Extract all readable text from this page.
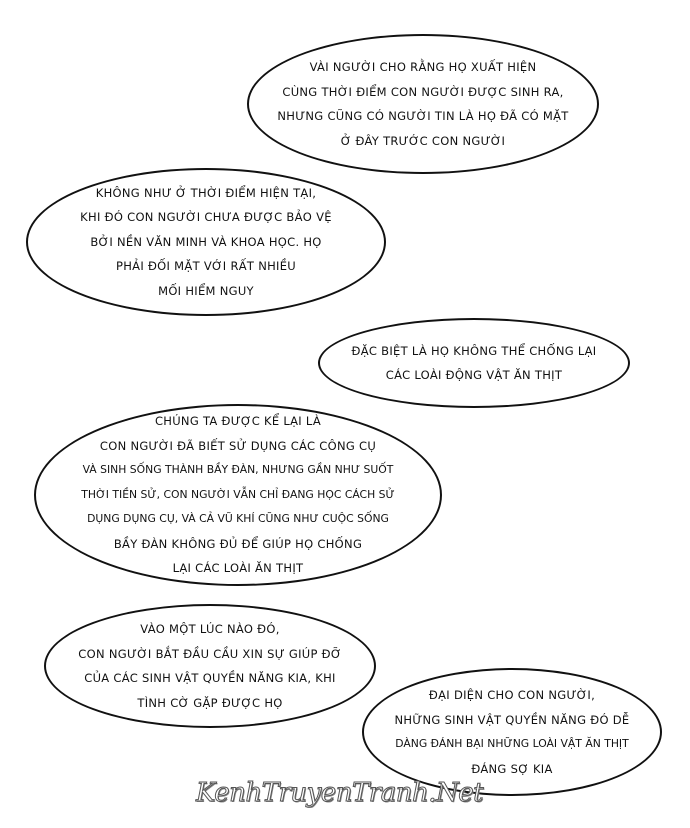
VÀI NGƯỜI CHO RẰNG HỌ XUẤT HIỆN
CÙNG THỜI ĐIỂM CON NGƯỜI ĐƯỢC SINH RA,
NHƯNG CŨNG CÓ NGƯỜI TIN LÀ HỌ ĐÃ CÓ MẶT
Ở ĐÂY TRƯỚC CON NGƯỜI
KHÔNG NHƯ Ở THỜI ĐIỂM HIỆN TẠI,
KHI ĐÓ CON NGƯỜI CHƯA ĐƯỢC BẢO VỆ
BỞI NỀN VĂN MINH VÀ KHOA HỌC. HỌ
PHẢI ĐỐI MẶT VỚI RẤT NHIỀU
MỐI HIỂM NGUY
ĐẶC BIỆT LÀ HỌ KHÔNG THỂ CHỐNG LẠI
CÁC LOÀI ĐỘNG VẬT ĂN THỊT
CHÚNG TA ĐƯỢC KỂ LẠI LÀ
CON NGƯỜI ĐÃ BIẾT SỬ DỤNG CÁC CÔNG CỤ
VÀ SINH SỐNG THÀNH BẦY ĐÀN, NHƯNG GẦN NHƯ SUỐT
THỜI TIỀN SỬ, CON NGƯỜI VẪN CHỈ ĐANG HỌC CÁCH SỬ
DỤNG DỤNG CỤ, VÀ CẢ VŨ KHÍ CŨNG NHƯ CUỘC SỐNG
BẦY ĐÀN KHÔNG ĐỦ ĐỂ GIÚP HỌ CHỐNG
LẠI CÁC LOÀI ĂN THỊT
VÀO MỘT LÚC NÀO ĐÓ,
CON NGƯỜI BẮT ĐẦU CẦU XIN SỰ GIÚP ĐỠ
CỦA CÁC SINH VẬT QUYỀN NĂNG KIA, KHI
TÌNH CỜ GẶP ĐƯỢC HỌ
ĐẠI DIỆN CHO CON NGƯỜI,
NHỮNG SINH VẬT QUYỀN NĂNG ĐÓ DỄ
DÀNG ĐÁNH BẠI NHỮNG LOÀI VẬT ĂN THỊT
ĐÁNG SỢ KIA
KenhTruyenTranh.Net
